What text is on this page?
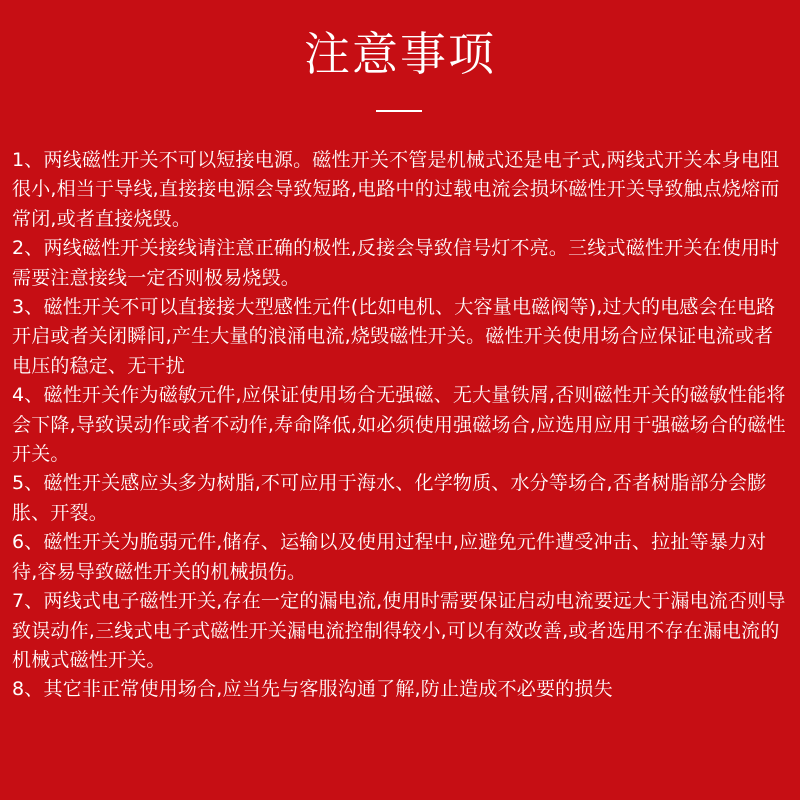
注意事项
1、两线磁性开关不可以短接电源。磁性开关不管是机械式还是电子式,两线式开关本身电阻很小,相当于导线,直接接电源会导致短路,电路中的过载电流会损坏磁性开关导致触点烧熔而常闭,或者直接烧毁。
2、两线磁性开关接线请注意正确的极性,反接会导致信号灯不亮。三线式磁性开关在使用时需要注意接线一定否则极易烧毁。
3、磁性开关不可以直接接大型感性元件(比如电机、大容量电磁阀等),过大的电感会在电路开启或者关闭瞬间,产生大量的浪涌电流,烧毁磁性开关。磁性开关使用场合应保证电流或者电压的稳定、无干扰
4、磁性开关作为磁敏元件,应保证使用场合无强磁、无大量铁屑,否则磁性开关的磁敏性能将会下降,导致误动作或者不动作,寿命降低,如必须使用强磁场合,应选用应用于强磁场合的磁性开关。
5、磁性开关感应头多为树脂,不可应用于海水、化学物质、水分等场合,否者树脂部分会膨胀、开裂。
6、磁性开关为脆弱元件,储存、运输以及使用过程中,应避免元件遭受冲击、拉扯等暴力对待,容易导致磁性开关的机械损伤。
7、两线式电子磁性开关,存在一定的漏电流,使用时需要保证启动电流要远大于漏电流否则导致误动作,三线式电子式磁性开关漏电流控制得较小,可以有效改善,或者选用不存在漏电流的机械式磁性开关。
8、其它非正常使用场合,应当先与客服沟通了解,防止造成不必要的损失
